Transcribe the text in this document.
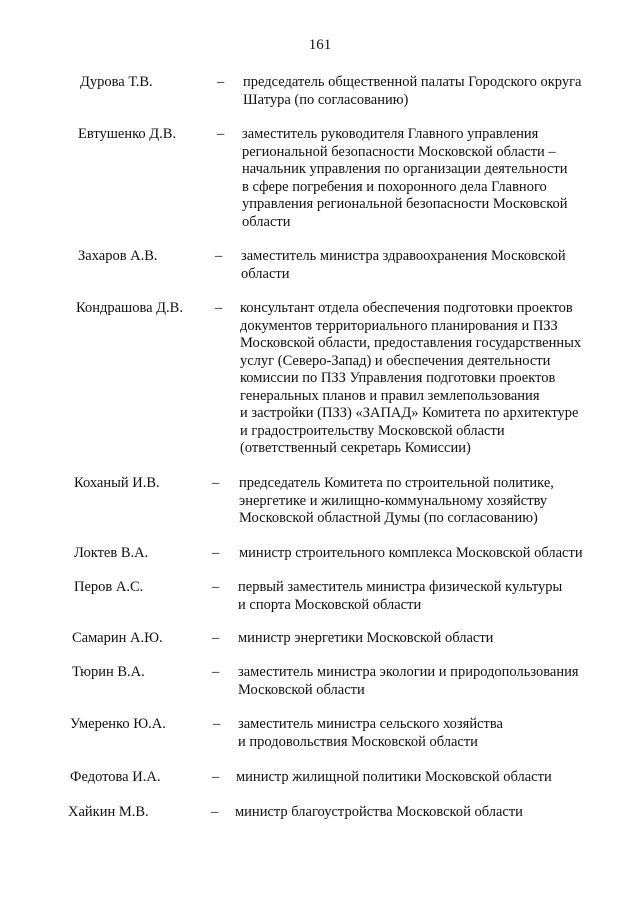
161
Дурова Т.В.	– председатель общественной палаты Городского округа
Шатура (по согласованию)
Евтушенко Д.В.	– заместитель руководителя Главного управления
региональной безопасности Московской области –
начальник управления по организации деятельности
в сфере погребения и похоронного дела Главного
управления региональной безопасности Московской
области
Захаров А.В.	– заместитель министра здравоохранения Московской
области
Кондрашова Д.В. – консультант отдела обеспечения подготовки проектов
документов территориального планирования и ПЗЗ
Московской области, предоставления государственных
услуг (Северо-Запад) и обеспечения деятельности
комиссии по ПЗЗ Управления подготовки проектов
генеральных планов и правил землепользования
и застройки (ПЗЗ) «ЗАПАД» Комитета по архитектуре
и градостроительству Московской области
(ответственный секретарь Комиссии)
Коханый И.В.	– председатель Комитета по строительной политике,
энергетике и жилищно-коммунальному хозяйству
Московской областной Думы (по согласованию)
Локтев В.А.	– министр строительного комплекса Московской области
Перов А.С.	– первый заместитель министра физической культуры
и спорта Московской области
Самарин А.Ю.	– министр энергетики Московской области
Тюрин В.А.	– заместитель министра экологии и природопользования
Московской области
Умеренко Ю.А.	– заместитель министра сельского хозяйства
и продовольствия Московской области
Федотова И.А.	– министр жилищной политики Московской области
Хайкин М.В.	– министр благоустройства Московской области
